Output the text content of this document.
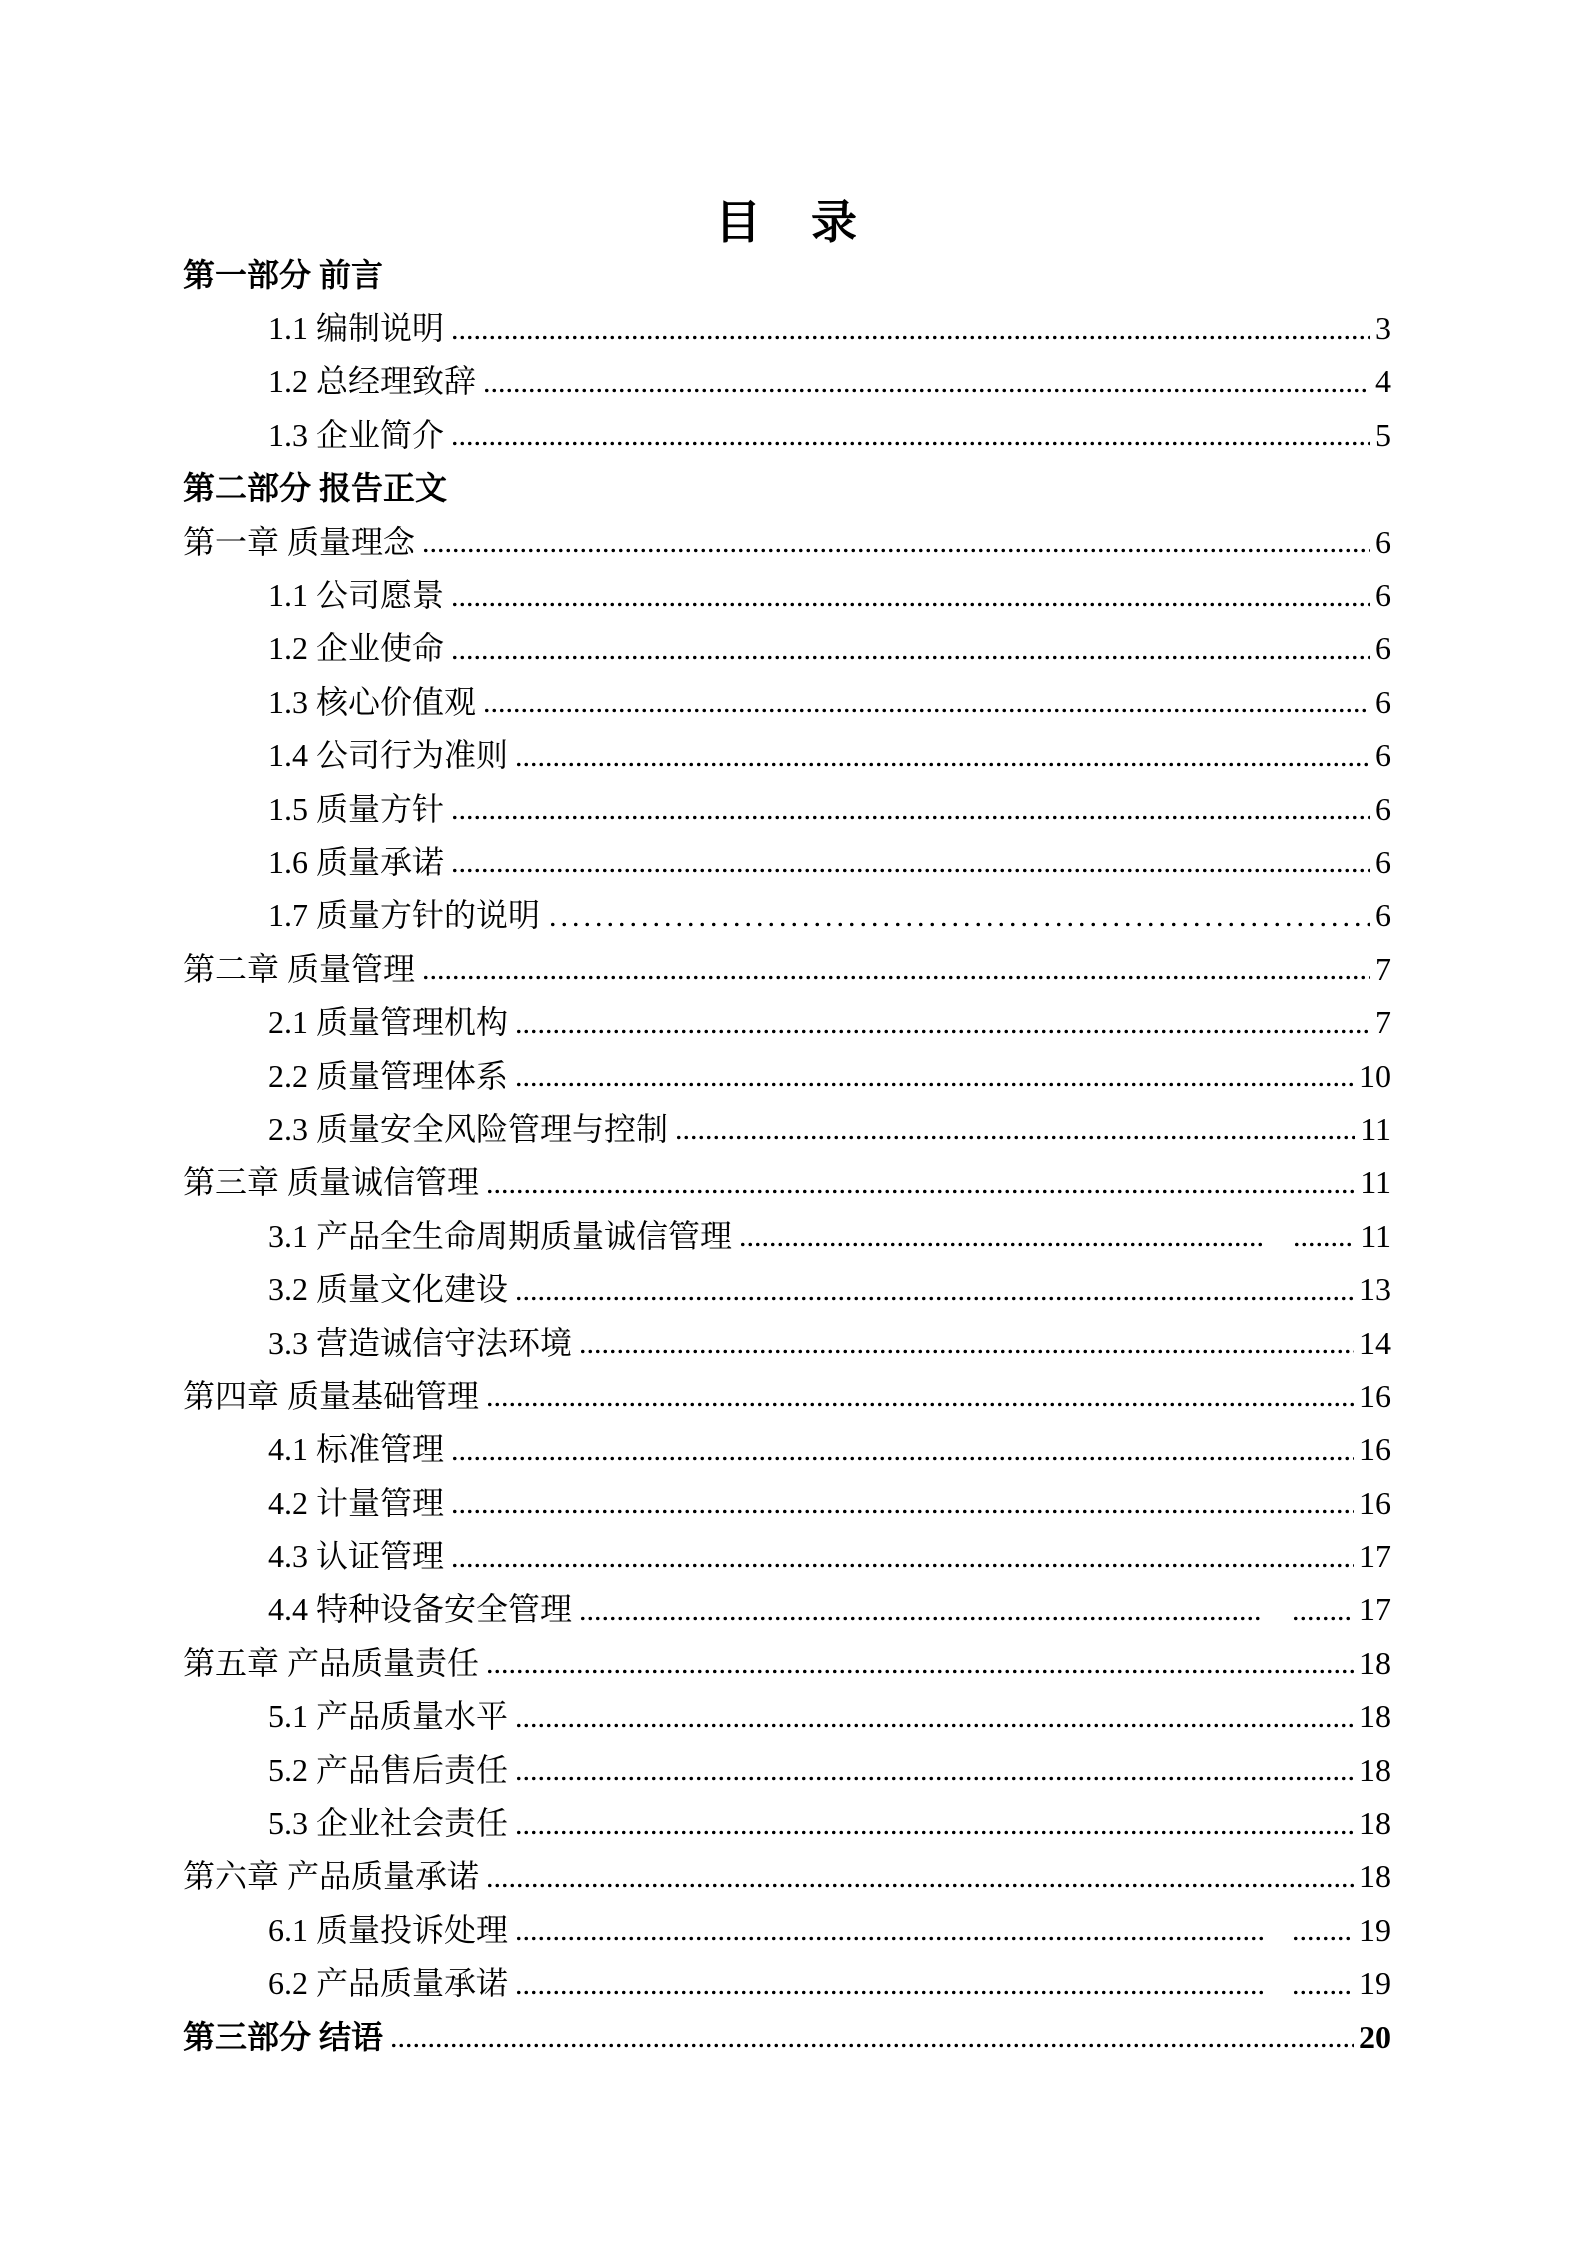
目　录
第一部分 前言
1.1 编制说明	3
1.2 总经理致辞	4
1.3 企业简介	5
第二部分 报告正文
第一章 质量理念	6
1.1 公司愿景	6
1.2 企业使命	6
1.3 核心价值观	6
1.4 公司行为准则	6
1.5 质量方针	6
1.6 质量承诺	6
1.7 质量方针的说明	6
第二章 质量管理	7
2.1 质量管理机构	7
2.2 质量管理体系	10
2.3 质量安全风险管理与控制	11
第三章 质量诚信管理	11
3.1 产品全生命周期质量诚信管理	11
3.2 质量文化建设	13
3.3 营造诚信守法环境	14
第四章 质量基础管理	16
4.1 标准管理	16
4.2 计量管理	16
4.3 认证管理	17
4.4 特种设备安全管理	17
第五章 产品质量责任	18
5.1 产品质量水平	18
5.2 产品售后责任	18
5.3 企业社会责任	18
第六章 产品质量承诺	18
6.1 质量投诉处理	19
6.2 产品质量承诺	19
第三部分 结语	20
